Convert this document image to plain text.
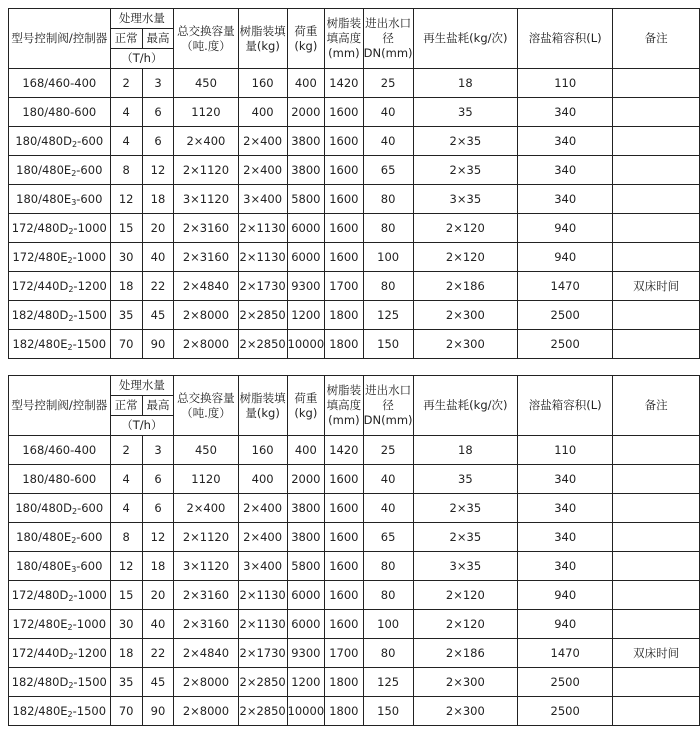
型号控制阀/控制器	处理水量		总交换容量（吨.度）	树脂装填量(kg)	荷重(kg)	树脂装填高度(mm)	进出水口径DN(mm)	再生盐耗(kg/次)	溶盐箱容积(L)	备注
	正常	最高								
	（T/h）									
168/460-400	2	3	450	160	400	1420	25	18	110	
180/480-600	4	6	1120	400	2000	1600	40	35	340	
$180/480D_2-600$	4	6	2×400	2×400	3800	1600	40	2×35	340	
$180/480E_2-600$	8	12	2×1120	2×400	3800	1600	65	2×35	340	
$180/480E_3-600$	12	18	3×1120	3×400	5800	1600	80	3×35	340	
$172/480D_2-1000$	15	20	2×3160	2×1130	6000	1600	80	2×120	940	
$172/480E_2-1000$	30	40	2×3160	2×1130	6000	1600	100	2×120	940	
$172/440D_2-1200$	18	22	2×4840	2×1730	9300	1700	80	2×186	1470	双床时间
$182/480D_2-1500$	35	45	2×8000	2×2850	1200	1800	125	2×300	2500	
$182/480E_2-1500$	70	90	2×8000	2×2850	10000	1800	150	2×300	2500	
型号控制阀/控制器	处理水量		总交换容量（吨.度）	树脂装填量(kg)	荷重(kg)	树脂装填高度(mm)	进出水口径DN(mm)	再生盐耗(kg/次)	溶盐箱容积(L)	备注
	正常	最高								
	（T/h）									
168/460-400	2	3	450	160	400	1420	25	18	110	
180/480-600	4	6	1120	400	2000	1600	40	35	340	
$180/480D_2-600$	4	6	2×400	2×400	3800	1600	40	2×35	340	
$180/480E_2-600$	8	12	2×1120	2×400	3800	1600	65	2×35	340	
$180/480E_3-600$	12	18	3×1120	3×400	5800	1600	80	3×35	340	
$172/480D_2-1000$	15	20	2×3160	2×1130	6000	1600	80	2×120	940	
$172/480E_2-1000$	30	40	2×3160	2×1130	6000	1600	100	2×120	940	
$172/440D_2-1200$	18	22	2×4840	2×1730	9300	1700	80	2×186	1470	双床时间
$182/480D_2-1500$	35	45	2×8000	2×2850	1200	1800	125	2×300	2500	
$182/480E_2-1500$	70	90	2×8000	2×2850	10000	1800	150	2×300	2500	
